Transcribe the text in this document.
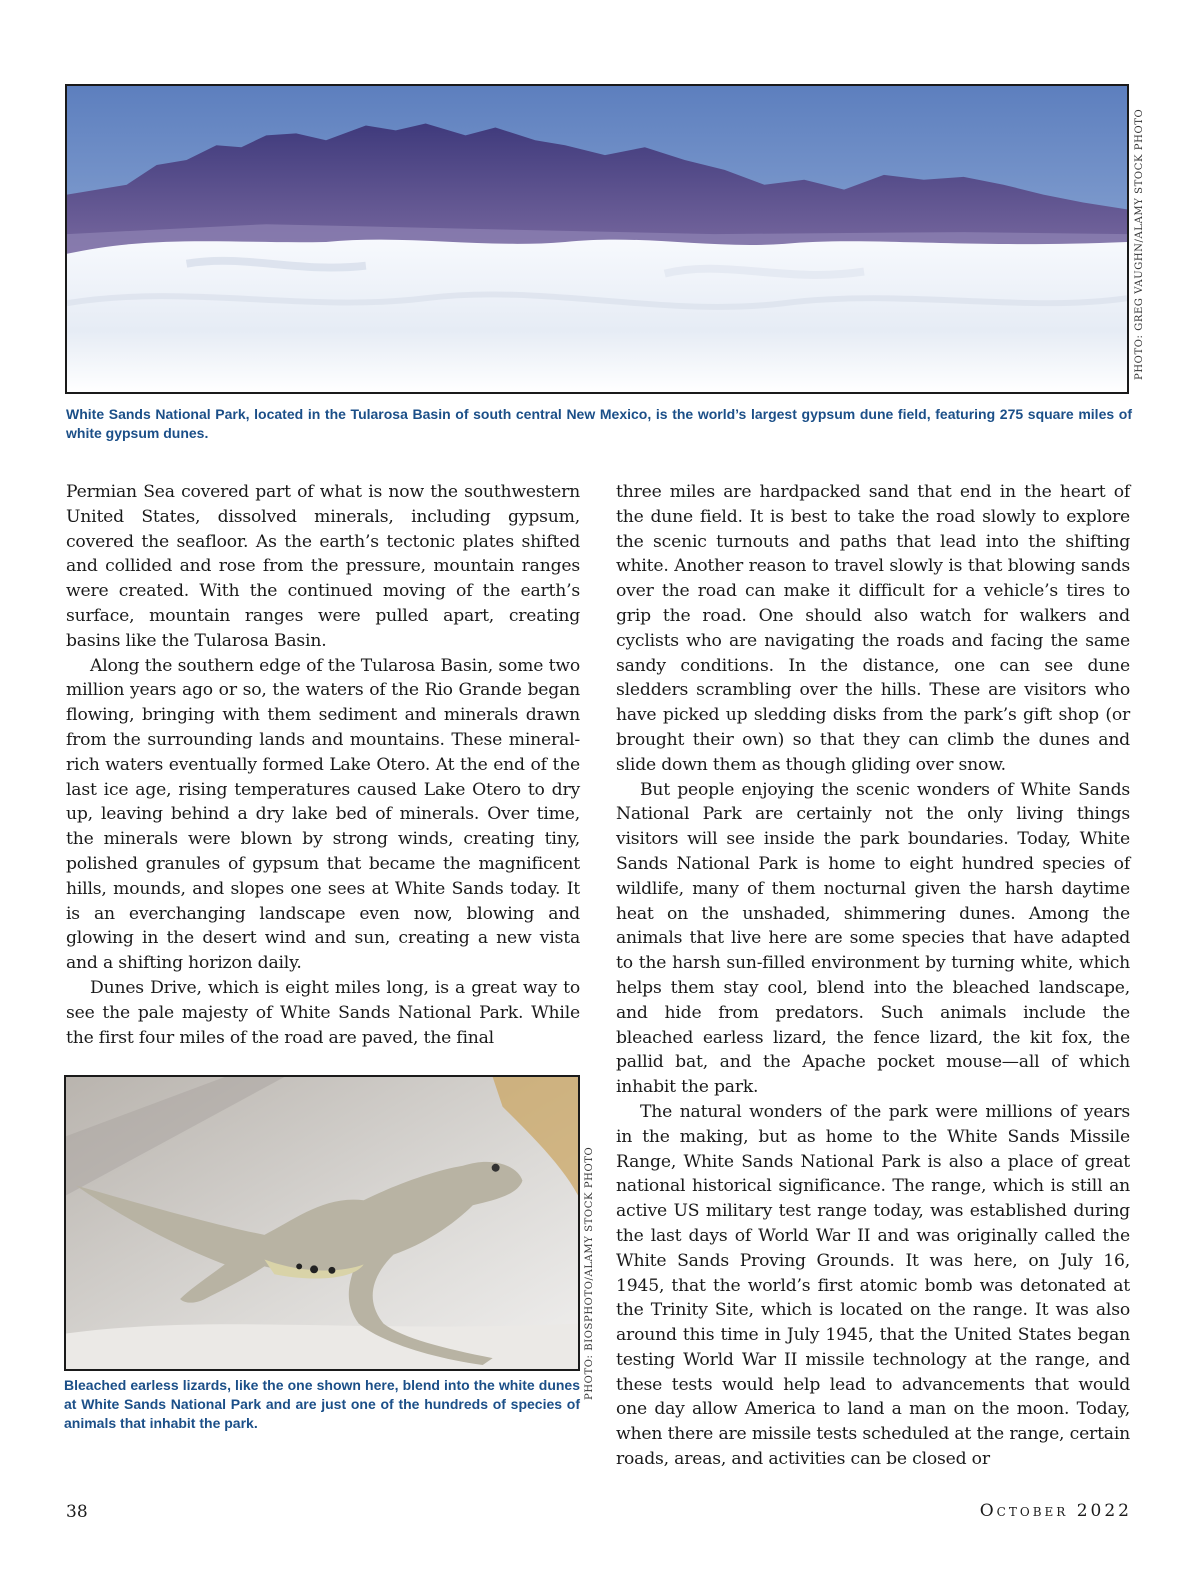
PHOTO: GREG VAUGHN/ALAMY STOCK PHOTO

White Sands National Park, located in the Tularosa Basin of south central New Mexico, is the world’s largest gypsum dune field, featuring 275 square miles of white gypsum dunes.

Permian Sea covered part of what is now the southwestern United States, dissolved minerals, including gypsum, covered the seafloor. As the earth’s tectonic plates shifted and collided and rose from the pressure, mountain ranges were created. With the continued moving of the earth’s surface, mountain ranges were pulled apart, creating basins like the Tularosa Basin.

Along the southern edge of the Tularosa Basin, some two million years ago or so, the waters of the Rio Grande began flowing, bringing with them sediment and minerals drawn from the surrounding lands and mountains. These mineral-rich waters eventually formed Lake Otero. At the end of the last ice age, rising temperatures caused Lake Otero to dry up, leaving behind a dry lake bed of minerals. Over time, the minerals were blown by strong winds, creating tiny, polished granules of gypsum that became the magnificent hills, mounds, and slopes one sees at White Sands today. It is an everchanging landscape even now, blowing and glowing in the desert wind and sun, creating a new vista and a shifting horizon daily.

Dunes Drive, which is eight miles long, is a great way to see the pale majesty of White Sands National Park. While the first four miles of the road are paved, the final

PHOTO: BIOSPHOTO/ALAMY STOCK PHOTO

Bleached earless lizards, like the one shown here, blend into the white dunes at White Sands National Park and are just one of the hundreds of species of animals that inhabit the park.

three miles are hardpacked sand that end in the heart of the dune field. It is best to take the road slowly to explore the scenic turnouts and paths that lead into the shifting white. Another reason to travel slowly is that blowing sands over the road can make it difficult for a vehicle’s tires to grip the road. One should also watch for walkers and cyclists who are navigating the roads and facing the same sandy conditions. In the distance, one can see dune sledders scrambling over the hills. These are visitors who have picked up sledding disks from the park’s gift shop (or brought their own) so that they can climb the dunes and slide down them as though gliding over snow.

But people enjoying the scenic wonders of White Sands National Park are certainly not the only living things visitors will see inside the park boundaries. Today, White Sands National Park is home to eight hundred species of wildlife, many of them nocturnal given the harsh daytime heat on the unshaded, shimmering dunes. Among the animals that live here are some species that have adapted to the harsh sun-filled environment by turning white, which helps them stay cool, blend into the bleached landscape, and hide from predators. Such animals include the bleached earless lizard, the fence lizard, the kit fox, the pallid bat, and the Apache pocket mouse—all of which inhabit the park.

The natural wonders of the park were millions of years in the making, but as home to the White Sands Missile Range, White Sands National Park is also a place of great national historical significance. The range, which is still an active US military test range today, was established during the last days of World War II and was originally called the White Sands Proving Grounds. It was here, on July 16, 1945, that the world’s first atomic bomb was detonated at the Trinity Site, which is located on the range. It was also around this time in July 1945, that the United States began testing World War II missile technology at the range, and these tests would help lead to advancements that would one day allow America to land a man on the moon. Today, when there are missile tests scheduled at the range, certain roads, areas, and activities can be closed or

38	October 2022
